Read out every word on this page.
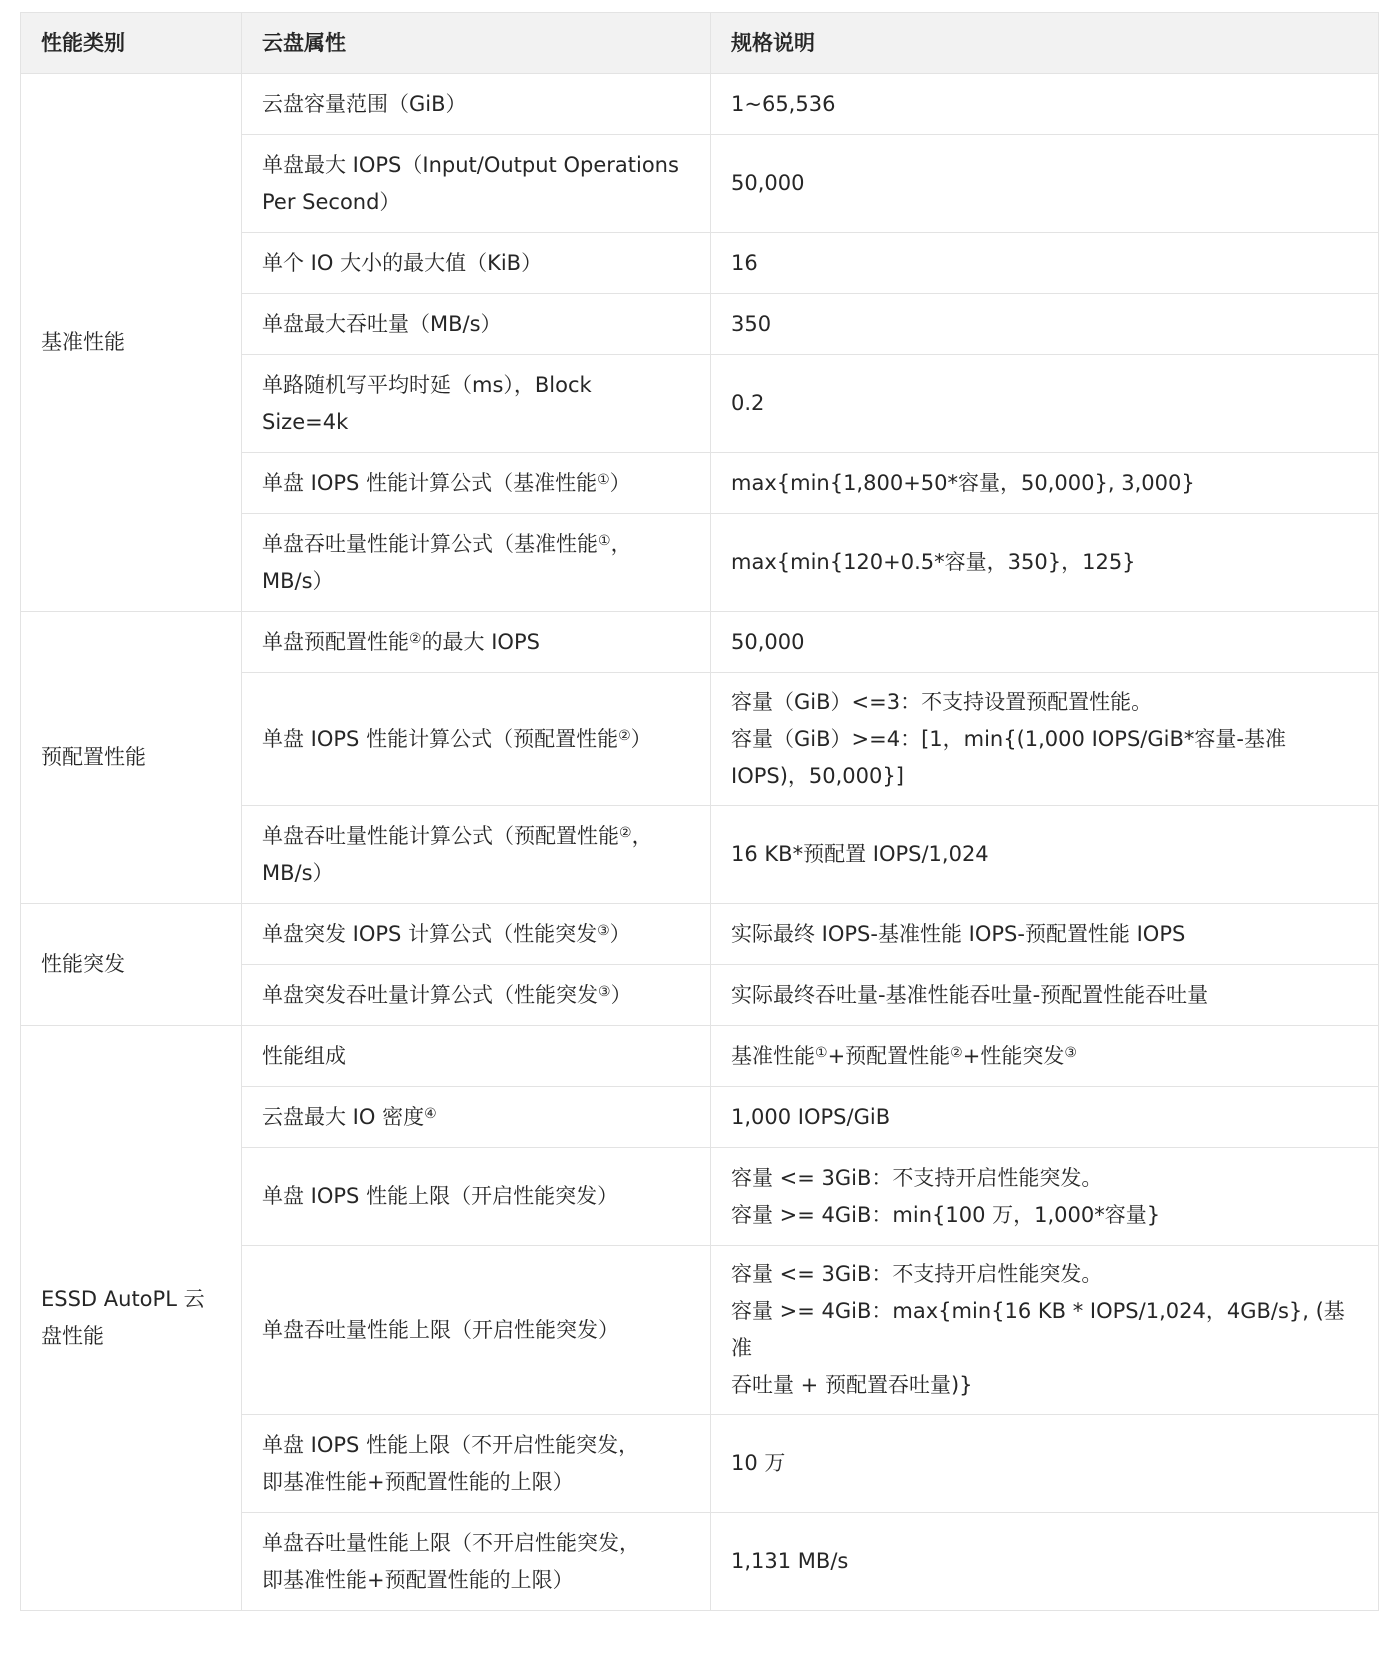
性能类别	云盘属性	规格说明
基准性能	云盘容量范围（GiB）	1~65,536

	单盘最大 IOPS（Input/Output Operations
Per Second）	50,000
	单个 IO 大小的最大值（KiB）	16
	单盘最大吞吐量（MB/s）	350

	单路随机写平均时延（ms），Block
Size=4k	0.2
	单盘 IOPS 性能计算公式（基准性能①）	max{min{1,800+50*容量，50,000}, 3,000}

	单盘吞吐量性能计算公式（基准性能①，
MB/s）	max{min{120+0.5*容量，350}，125}
预配置性能	单盘预配置性能②的最大 IOPS	50,000
	单盘 IOPS 性能计算公式（预配置性能②）	容量（GiB）<=3：不支持设置预配置性能。
容量（GiB）>=4：[1，min{(1,000 IOPS/GiB*容量-基准
IOPS)，50,000}]

	单盘吞吐量性能计算公式（预配置性能②，
MB/s）	16 KB*预配置 IOPS/1,024
性能突发	单盘突发 IOPS 计算公式（性能突发③）	实际最终 IOPS-基准性能 IOPS-预配置性能 IOPS
	单盘突发吞吐量计算公式（性能突发③）	实际最终吞吐量-基准性能吞吐量-预配置性能吞吐量

ESSD AutoPL 云
盘性能	性能组成	基准性能①+预配置性能②+性能突发③
	云盘最大 IO 密度④	1,000 IOPS/GiB
	单盘 IOPS 性能上限（开启性能突发）	容量 <= 3GiB：不支持开启性能突发。
容量 >= 4GiB：min{100 万，1,000*容量}

	单盘吞吐量性能上限（开启性能突发）	容量 <= 3GiB：不支持开启性能突发。
容量 >= 4GiB：max{min{16 KB * IOPS/1,024，4GB/s}, (基准
吞吐量 + 预配置吞吐量)}

	单盘 IOPS 性能上限（不开启性能突发，
即基准性能+预配置性能的上限）	10 万

	单盘吞吐量性能上限（不开启性能突发，
即基准性能+预配置性能的上限）	1,131 MB/s
